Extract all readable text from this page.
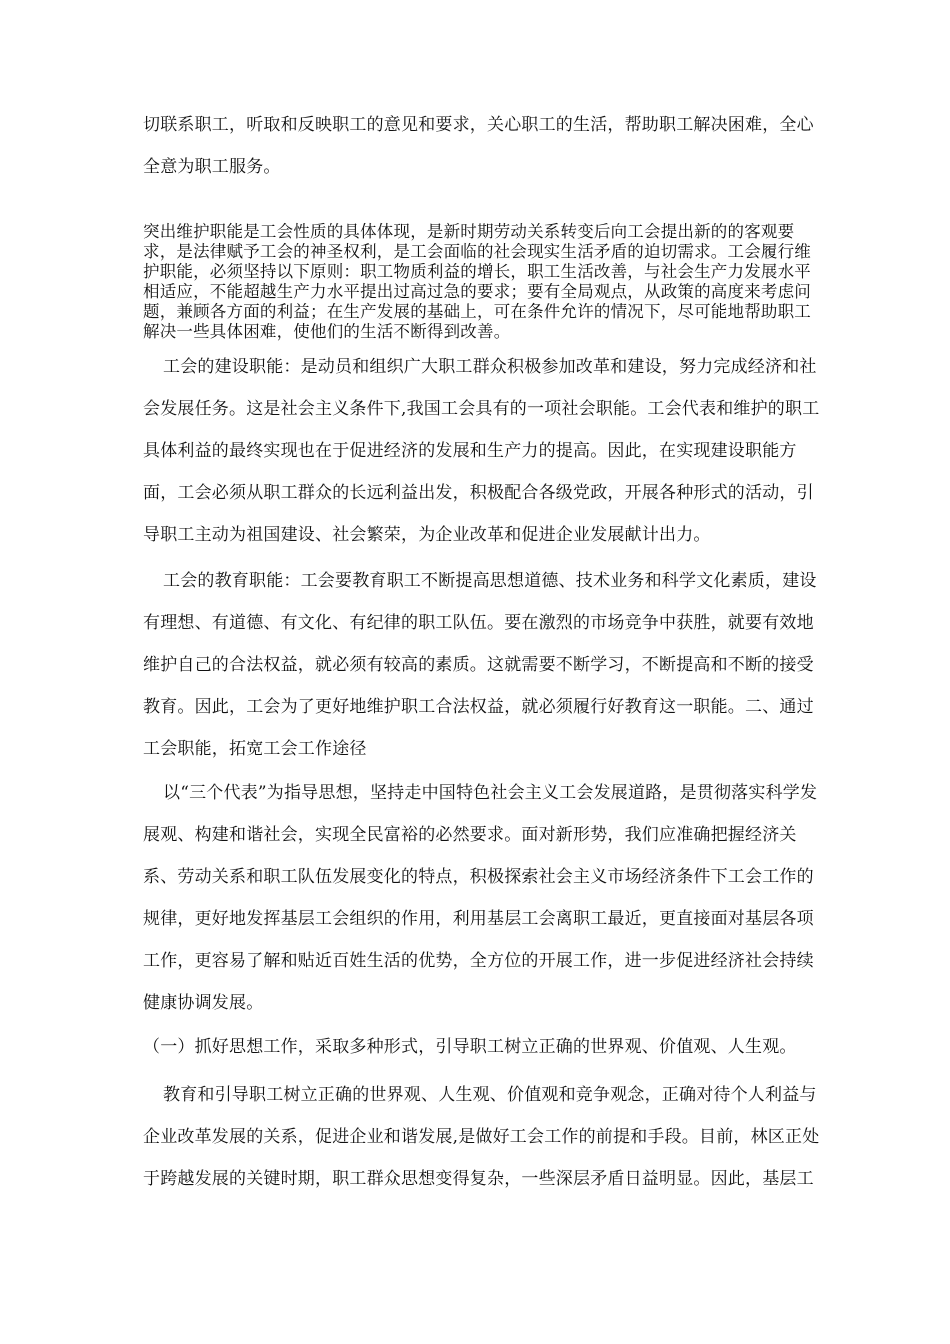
切联系职工，听取和反映职工的意见和要求，关心职工的生活，帮助职工解决困难，全心全意为职工服务。

突出维护职能是工会性质的具体体现，是新时期劳动关系转变后向工会提出新的的客观要求，是法律赋予工会的神圣权利，是工会面临的社会现实生活矛盾的迫切需求。工会履行维护职能，必须坚持以下原则：职工物质利益的增长，职工生活改善，与社会生产力发展水平相适应，不能超越生产力水平提出过高过急的要求；要有全局观点，从政策的高度来考虑问题，兼顾各方面的利益；在生产发展的基础上，可在条件允许的情况下，尽可能地帮助职工解决一些具体困难，使他们的生活不断得到改善。

工会的建设职能：是动员和组织广大职工群众积极参加改革和建设，努力完成经济和社会发展任务。这是社会主义条件下,我国工会具有的一项社会职能。工会代表和维护的职工具体利益的最终实现也在于促进经济的发展和生产力的提高。因此，在实现建设职能方面，工会必须从职工群众的长远利益出发，积极配合各级党政，开展各种形式的活动，引导职工主动为祖国建设、社会繁荣，为企业改革和促进企业发展献计出力。

工会的教育职能：工会要教育职工不断提高思想道德、技术业务和科学文化素质，建设有理想、有道德、有文化、有纪律的职工队伍。要在激烈的市场竞争中获胜，就要有效地维护自己的合法权益，就必须有较高的素质。这就需要不断学习，不断提高和不断的接受教育。因此，工会为了更好地维护职工合法权益，就必须履行好教育这一职能。二、通过工会职能，拓宽工会工作途径

以“三个代表”为指导思想，坚持走中国特色社会主义工会发展道路，是贯彻落实科学发展观、构建和谐社会，实现全民富裕的必然要求。面对新形势，我们应准确把握经济关系、劳动关系和职工队伍发展变化的特点，积极探索社会主义市场经济条件下工会工作的规律，更好地发挥基层工会组织的作用，利用基层工会离职工最近，更直接面对基层各项工作，更容易了解和贴近百姓生活的优势，全方位的开展工作，进一步促进经济社会持续健康协调发展。

（一）抓好思想工作，采取多种形式，引导职工树立正确的世界观、价值观、人生观。

教育和引导职工树立正确的世界观、人生观、价值观和竞争观念，正确对待个人利益与企业改革发展的关系，促进企业和谐发展,是做好工会工作的前提和手段。目前，林区正处于跨越发展的关键时期，职工群众思想变得复杂，一些深层矛盾日益明显。因此，基层工
